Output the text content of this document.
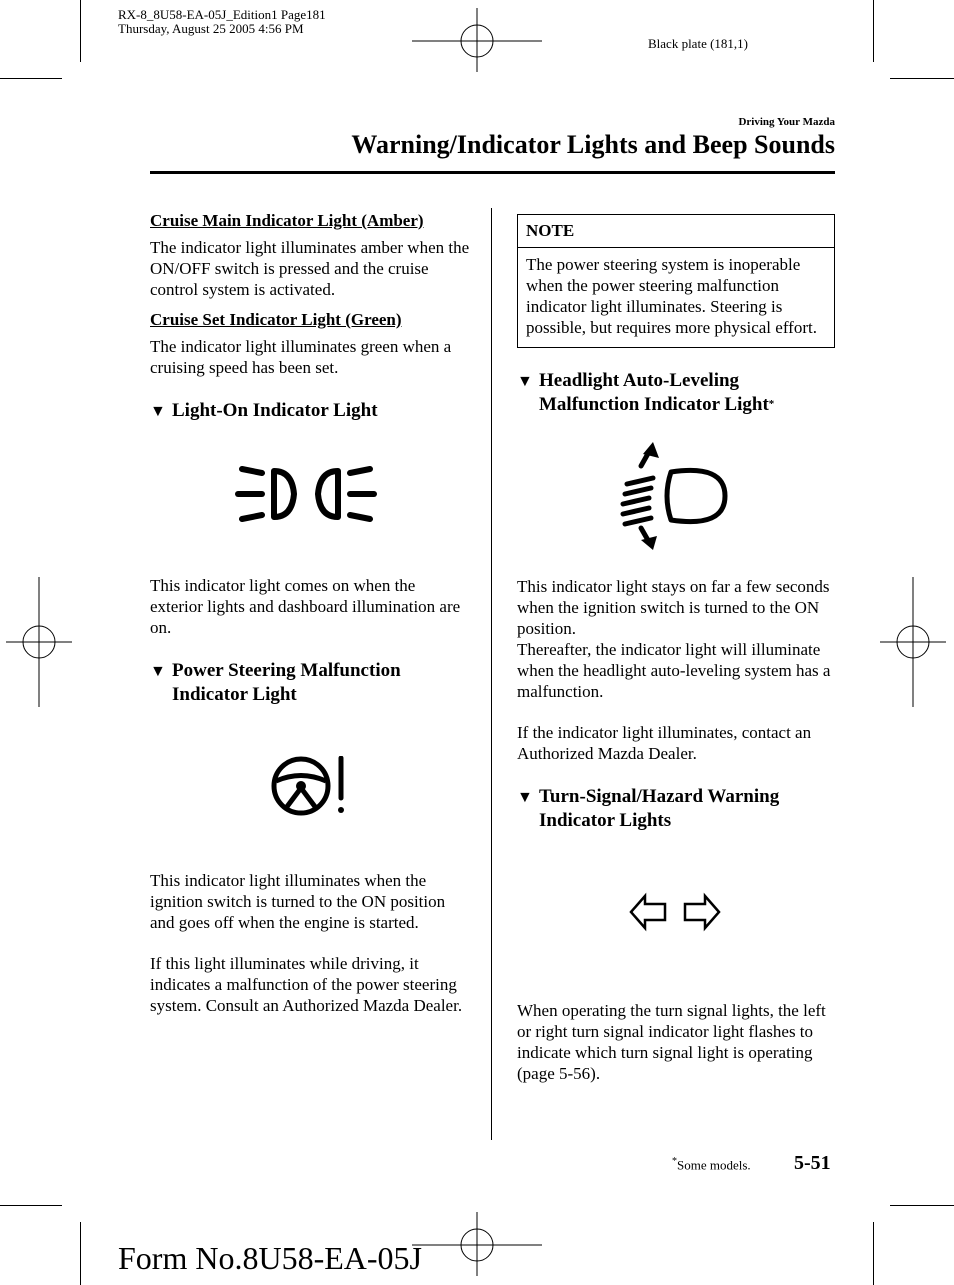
RX-8_8U58-EA-05J_Edition1 Page181
Thursday, August 25 2005 4:56 PM
Black plate (181,1)
Driving Your Mazda
Warning/Indicator Lights and Beep Sounds
Cruise Main Indicator Light (Amber)

The indicator light illuminates amber when the ON/OFF switch is pressed and the cruise control system is activated.

Cruise Set Indicator Light (Green)

The indicator light illuminates green when a cruising speed has been set.

▼ Light-On Indicator Light

This indicator light comes on when the exterior lights and dashboard illumination are on.

▼ Power Steering Malfunction Indicator Light

This indicator light illuminates when the ignition switch is turned to the ON position and goes off when the engine is started.

If this light illuminates while driving, it indicates a malfunction of the power steering system. Consult an Authorized Mazda Dealer.

NOTE
The power steering system is inoperable when the power steering malfunction indicator light illuminates. Steering is possible, but requires more physical effort.
▼ Headlight Auto-Leveling Malfunction Indicator Light*

This indicator light stays on far a few seconds when the ignition switch is turned to the ON position.

Thereafter, the indicator light will illuminate when the headlight auto-leveling system has a malfunction.

If the indicator light illuminates, contact an Authorized Mazda Dealer.

▼ Turn-Signal/Hazard Warning Indicator Lights

When operating the turn signal lights, the left or right turn signal indicator light flashes to indicate which turn signal light is operating (page 5-56).

*Some models. 5-51
Form No.8U58-EA-05J
